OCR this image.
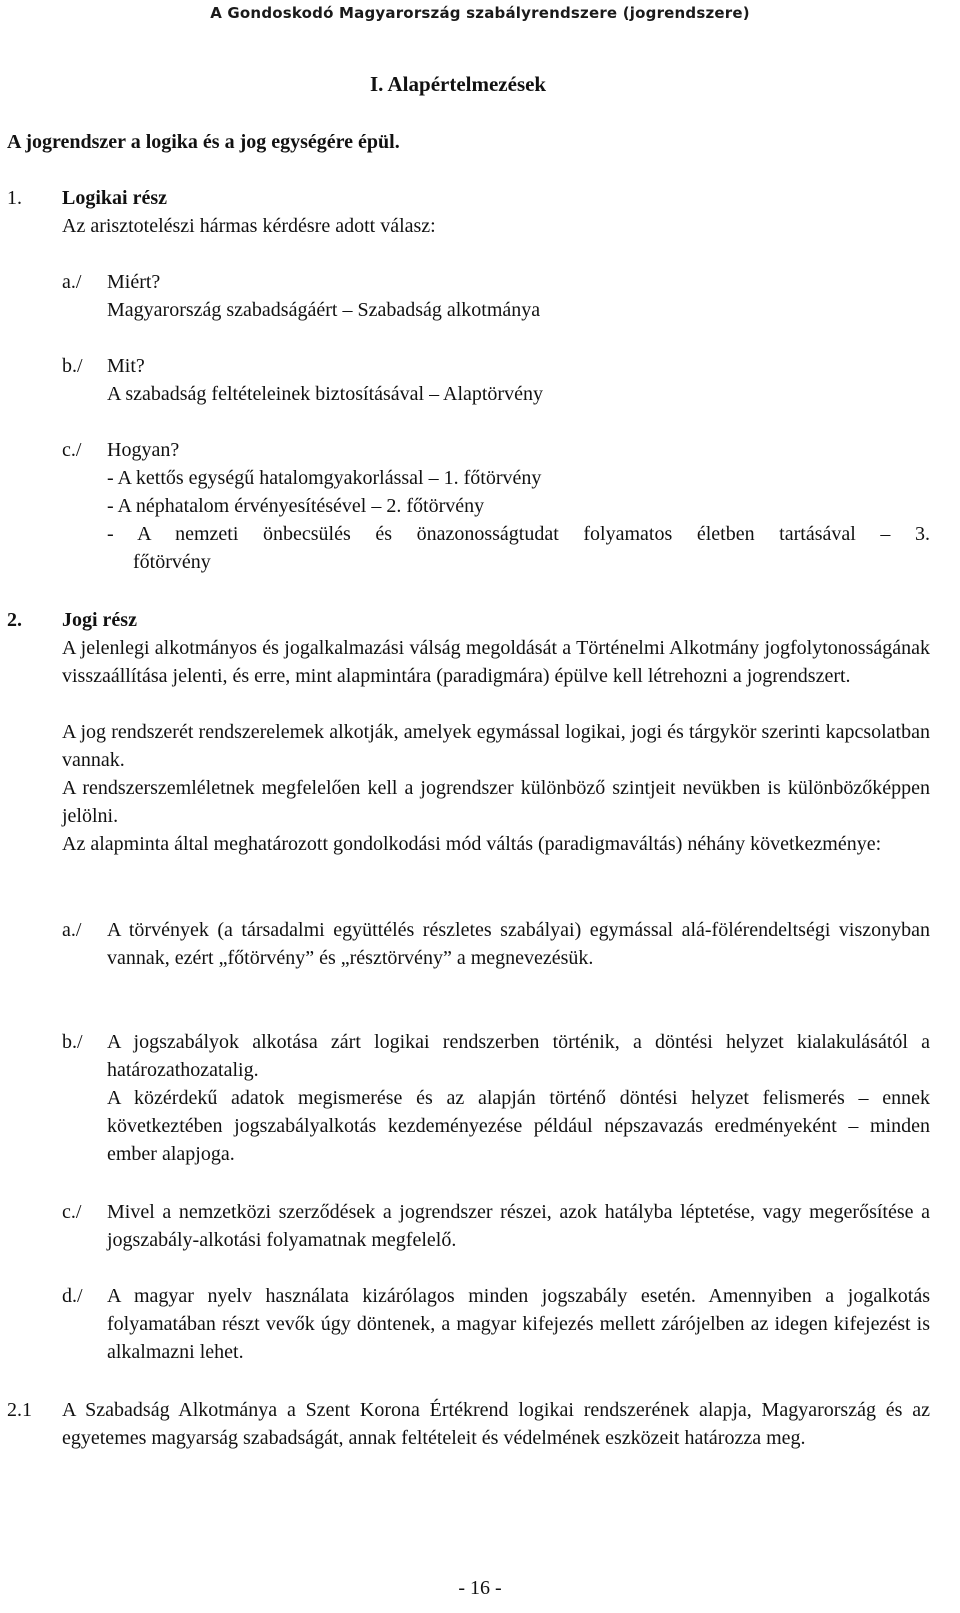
A Gondoskodó Magyarország szabályrendszere (jogrendszere)
I. Alapértelmezések
A jogrendszer a logika és a jog egységére épül.
1. Logikai rész
Az arisztotelészi hármas kérdésre adott válasz:
a./ Miért?
Magyarország szabadságáért – Szabadság alkotmánya
b./ Mit?
A szabadság feltételeinek biztosításával – Alaptörvény
c./ Hogyan?
- A kettős egységű hatalomgyakorlással – 1. főtörvény
- A néphatalom érvényesítésével – 2. főtörvény
- A nemzeti önbecsülés és önazonosságtudat folyamatos életben tartásával – 3.
főtörvény
2. Jogi rész

A jelenlegi alkotmányos és jogalkalmazási válság megoldását a Történelmi Alkotmány jogfolytonosságának visszaállítása jelenti, és erre, mint alapmintára (paradigmára) épülve kell létrehozni a jogrendszert.

A jog rendszerét rendszerelemek alkotják, amelyek egymással logikai, jogi és tárgykör szerinti kapcsolatban vannak.

A rendszerszemléletnek megfelelően kell a jogrendszer különböző szintjeit nevükben is különbözőképpen jelölni.

Az alapminta által meghatározott gondolkodási mód váltás (paradigmaváltás) néhány következménye:

a./ A törvények (a társadalmi együttélés részletes szabályai) egymással alá-fölérendeltségi viszonyban vannak, ezért „főtörvény” és „résztörvény” a megnevezésük.

b./ A jogszabályok alkotása zárt logikai rendszerben történik, a döntési helyzet kialakulásától a határozathozatalig.

A közérdekű adatok megismerése és az alapján történő döntési helyzet felismerés – ennek következtében jogszabályalkotás kezdeményezése például népszavazás eredményeként – minden ember alapjoga.

c./ Mivel a nemzetközi szerződések a jogrendszer részei, azok hatályba léptetése, vagy megerősítése a jogszabály-alkotási folyamatnak megfelelő.

d./ A magyar nyelv használata kizárólagos minden jogszabály esetén. Amennyiben a jogalkotás folyamatában részt vevők úgy döntenek, a magyar kifejezés mellett zárójelben az idegen kifejezést is alkalmazni lehet.

2.1 A Szabadság Alkotmánya a Szent Korona Értékrend logikai rendszerének alapja, Magyarország és az egyetemes magyarság szabadságát, annak feltételeit és védelmének eszközeit határozza meg.

- 16 -
